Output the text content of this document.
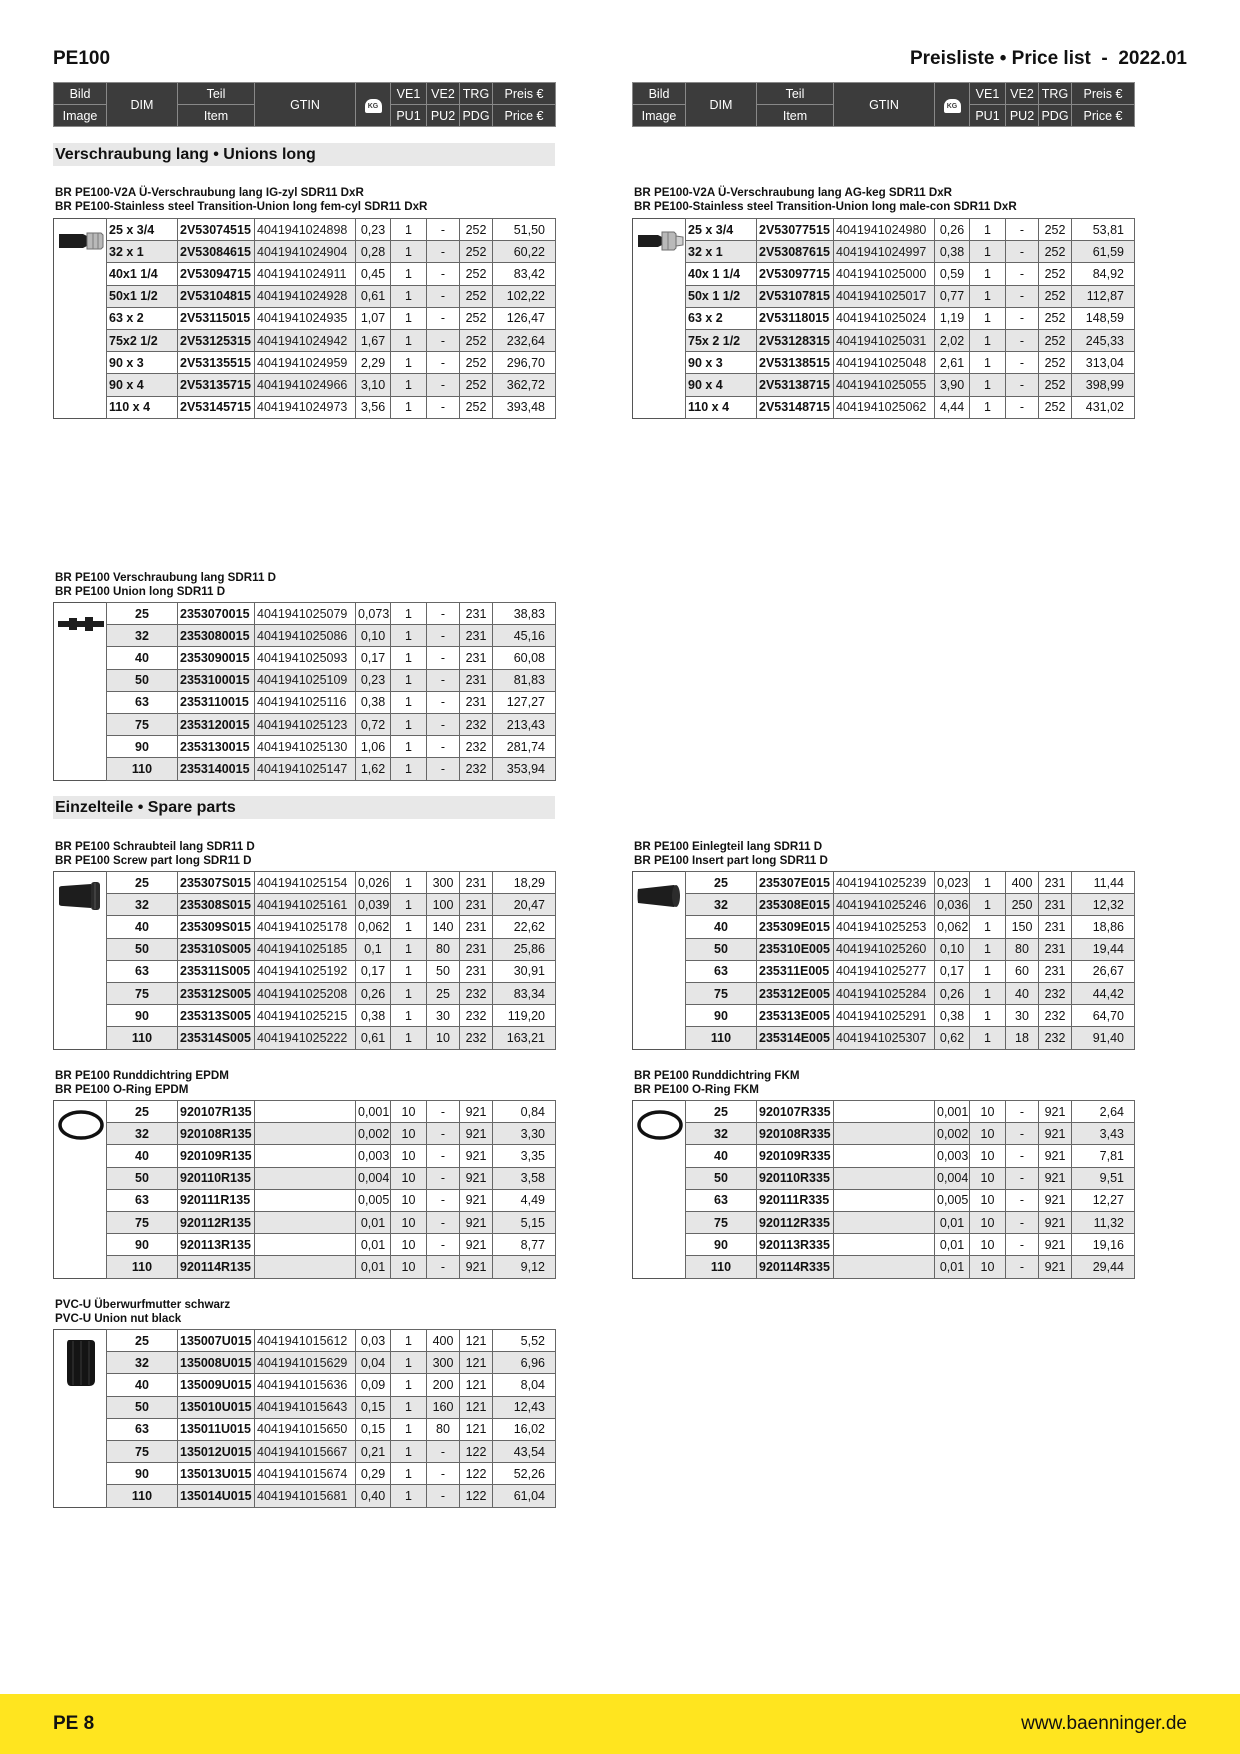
PE100	Preisliste • Price list  -  2022.01
Bild	DIM	Teil	GTIN	KG	VE1	VE2	TRG	Preis €
Image		Item			PU1	PU2	PDG	Price €
Bild	DIM	Teil	GTIN	KG	VE1	VE2	TRG	Preis €
Image		Item			PU1	PU2	PDG	Price €
Verschraubung lang • Unions long
Einzelteile • Spare parts
BR PE100-V2A Ü-Verschraubung lang IG-zyl SDR11 DxR
BR PE100-Stainless steel Transition-Union long fem-cyl SDR11 DxR
BR PE100-V2A Ü-Verschraubung lang AG-keg SDR11 DxR
BR PE100-Stainless steel Transition-Union long male-con SDR11 DxR
BR PE100 Verschraubung lang SDR11 D
BR PE100 Union long SDR11 D
BR PE100 Schraubteil lang SDR11 D
BR PE100 Screw part long SDR11 D
BR PE100 Einlegteil lang SDR11 D
BR PE100 Insert part long SDR11 D
BR PE100 Runddichtring EPDM
BR PE100 O-Ring EPDM
BR PE100 Runddichtring FKM
BR PE100 O-Ring FKM
PVC-U Überwurfmutter schwarz
PVC-U Union nut black
25 x 3/4	2V53074515	4041941024898	0,23	1	-	252	51,50
32 x 1	2V53084615	4041941024904	0,28	1	-	252	60,22
40x1 1/4	2V53094715	4041941024911	0,45	1	-	252	83,42
50x1 1/2	2V53104815	4041941024928	0,61	1	-	252	102,22
63 x 2	2V53115015	4041941024935	1,07	1	-	252	126,47
75x2 1/2	2V53125315	4041941024942	1,67	1	-	252	232,64
90 x 3	2V53135515	4041941024959	2,29	1	-	252	296,70
90 x 4	2V53135715	4041941024966	3,10	1	-	252	362,72
110 x 4	2V53145715	4041941024973	3,56	1	-	252	393,48
25 x 3/4	2V53077515	4041941024980	0,26	1	-	252	53,81
32 x 1	2V53087615	4041941024997	0,38	1	-	252	61,59
40x 1 1/4	2V53097715	4041941025000	0,59	1	-	252	84,92
50x 1 1/2	2V53107815	4041941025017	0,77	1	-	252	112,87
63 x 2	2V53118015	4041941025024	1,19	1	-	252	148,59
75x 2 1/2	2V53128315	4041941025031	2,02	1	-	252	245,33
90 x 3	2V53138515	4041941025048	2,61	1	-	252	313,04
90 x 4	2V53138715	4041941025055	3,90	1	-	252	398,99
110 x 4	2V53148715	4041941025062	4,44	1	-	252	431,02
25	2353070015	4041941025079	0,073	1	-	231	38,83
32	2353080015	4041941025086	0,10	1	-	231	45,16
40	2353090015	4041941025093	0,17	1	-	231	60,08
50	2353100015	4041941025109	0,23	1	-	231	81,83
63	2353110015	4041941025116	0,38	1	-	231	127,27
75	2353120015	4041941025123	0,72	1	-	232	213,43
90	2353130015	4041941025130	1,06	1	-	232	281,74
110	2353140015	4041941025147	1,62	1	-	232	353,94
25	235307S015	4041941025154	0,026	1	300	231	18,29
32	235308S015	4041941025161	0,039	1	100	231	20,47
40	235309S015	4041941025178	0,062	1	140	231	22,62
50	235310S005	4041941025185	0,1	1	80	231	25,86
63	235311S005	4041941025192	0,17	1	50	231	30,91
75	235312S005	4041941025208	0,26	1	25	232	83,34
90	235313S005	4041941025215	0,38	1	30	232	119,20
110	235314S005	4041941025222	0,61	1	10	232	163,21
25	235307E015	4041941025239	0,023	1	400	231	11,44
32	235308E015	4041941025246	0,036	1	250	231	12,32
40	235309E015	4041941025253	0,062	1	150	231	18,86
50	235310E005	4041941025260	0,10	1	80	231	19,44
63	235311E005	4041941025277	0,17	1	60	231	26,67
75	235312E005	4041941025284	0,26	1	40	232	44,42
90	235313E005	4041941025291	0,38	1	30	232	64,70
110	235314E005	4041941025307	0,62	1	18	232	91,40
25	920107R135		0,001	10	-	921	0,84
32	920108R135		0,002	10	-	921	3,30
40	920109R135		0,003	10	-	921	3,35
50	920110R135		0,004	10	-	921	3,58
63	920111R135		0,005	10	-	921	4,49
75	920112R135		0,01	10	-	921	5,15
90	920113R135		0,01	10	-	921	8,77
110	920114R135		0,01	10	-	921	9,12
25	920107R335		0,001	10	-	921	2,64
32	920108R335		0,002	10	-	921	3,43
40	920109R335		0,003	10	-	921	7,81
50	920110R335		0,004	10	-	921	9,51
63	920111R335		0,005	10	-	921	12,27
75	920112R335		0,01	10	-	921	11,32
90	920113R335		0,01	10	-	921	19,16
110	920114R335		0,01	10	-	921	29,44
25	135007U015	4041941015612	0,03	1	400	121	5,52
32	135008U015	4041941015629	0,04	1	300	121	6,96
40	135009U015	4041941015636	0,09	1	200	121	8,04
50	135010U015	4041941015643	0,15	1	160	121	12,43
63	135011U015	4041941015650	0,15	1	80	121	16,02
75	135012U015	4041941015667	0,21	1	-	122	43,54
90	135013U015	4041941015674	0,29	1	-	122	52,26
110	135014U015	4041941015681	0,40	1	-	122	61,04
PE 8	www.baenninger.de
